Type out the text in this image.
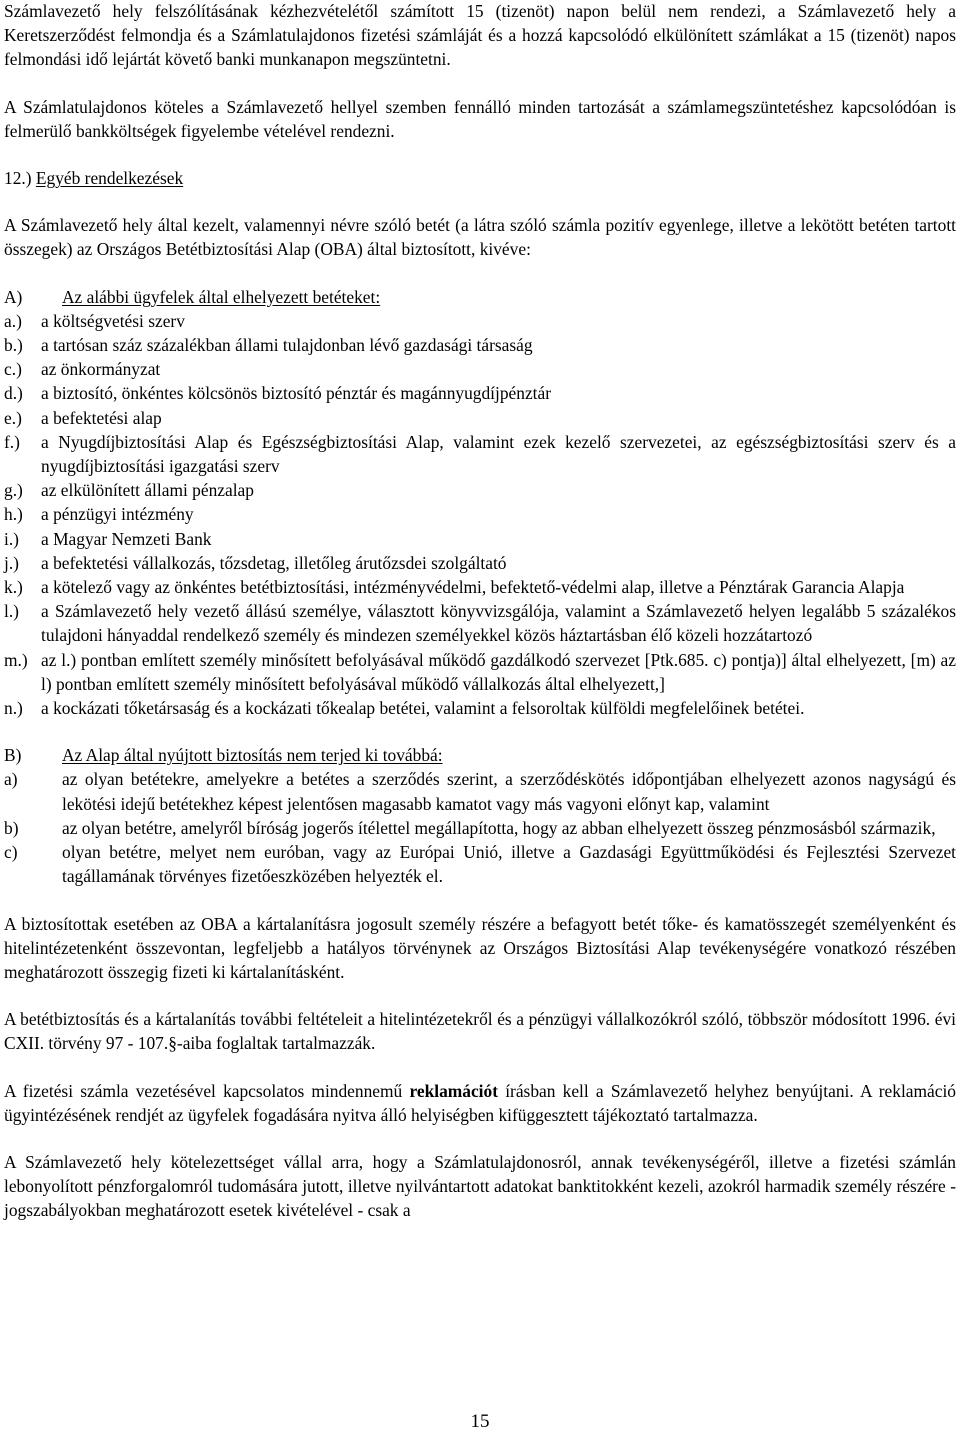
Számlavezető hely felszólításának kézhezvételétől számított 15 (tizenöt) napon belül nem rendezi, a Számlavezető hely a Keretszerződést felmondja és a Számlatulajdonos fizetési számláját és a hozzá kapcsolódó elkülönített számlákat a 15 (tizenöt) napos felmondási idő lejártát követő banki munkanapon megszüntetni.

A Számlatulajdonos köteles a Számlavezető hellyel szemben fennálló minden tartozását a számlamegszüntetéshez kapcsolódóan is felmerülő bankköltségek figyelembe vételével rendezni.

12.) Egyéb rendelkezések

A Számlavezető hely által kezelt, valamennyi névre szóló betét (a látra szóló számla pozitív egyenlege, illetve a lekötött betéten tartott összegek) az Országos Betétbiztosítási Alap (OBA) által biztosított, kivéve:

A)	Az alábbi ügyfelek által elhelyezett betéteket:
a.)	a költségvetési szerv
b.)	a tartósan száz százalékban állami tulajdonban lévő gazdasági társaság
c.)	az önkormányzat
d.)	a biztosító, önkéntes kölcsönös biztosító pénztár és magánnyugdíjpénztár
e.)	a befektetési alap
f.)	a Nyugdíjbiztosítási Alap és Egészségbiztosítási Alap, valamint ezek kezelő szervezetei, az egészségbiztosítási szerv és a nyugdíjbiztosítási igazgatási szerv
g.)	az elkülönített állami pénzalap
h.)	a pénzügyi intézmény
i.)	a Magyar Nemzeti Bank
j.)	a befektetési vállalkozás, tőzsdetag, illetőleg árutőzsdei szolgáltató
k.)	a kötelező vagy az önkéntes betétbiztosítási, intézményvédelmi, befektető-védelmi alap, illetve a Pénztárak Garancia Alapja
l.)	a Számlavezető hely vezető állású személye, választott könyvvizsgálója, valamint a Számlavezető helyen legalább 5 százalékos tulajdoni hányaddal rendelkező személy és mindezen személyekkel közös háztartásban élő közeli hozzátartozó
m.) az l.) pontban említett személy minősített befolyásával működő gazdálkodó szervezet [Ptk.685. c) pontja)] által elhelyezett, [m) az l) pontban említett személy minősített befolyásával működő vállalkozás által elhelyezett,]
n.)	a kockázati tőketársaság és a kockázati tőkealap betétei, valamint a felsoroltak külföldi megfelelőinek betétei.
B)	Az Alap által nyújtott biztosítás nem terjed ki továbbá:
a)	az olyan betétekre, amelyekre a betétes a szerződés szerint, a szerződéskötés időpontjában elhelyezett azonos nagyságú és lekötési idejű betétekhez képest jelentősen magasabb kamatot vagy más vagyoni előnyt kap, valamint
b)	az olyan betétre, amelyről bíróság jogerős ítélettel megállapította, hogy az abban elhelyezett összeg pénzmosásból származik,
c)	olyan betétre, melyet nem euróban, vagy az Európai Unió, illetve a Gazdasági Együttműködési és Fejlesztési Szervezet tagállamának törvényes fizetőeszközében helyezték el.

A biztosítottak esetében az OBA a kártalanításra jogosult személy részére a befagyott betét tőke- és kamatösszegét személyenként és hitelintézetenként összevontan, legfeljebb a hatályos törvénynek az Országos Biztosítási Alap tevékenységére vonatkozó részében meghatározott összegig fizeti ki kártalanításként.

A betétbiztosítás és a kártalanítás további feltételeit a hitelintézetekről és a pénzügyi vállalkozókról szóló, többször módosított 1996. évi CXII. törvény 97 - 107.§-aiba foglaltak tartalmazzák.

A fizetési számla vezetésével kapcsolatos mindennemű reklamációt írásban kell a Számlavezető helyhez benyújtani. A reklamáció ügyintézésének rendjét az ügyfelek fogadására nyitva álló helyiségben kifüggesztett tájékoztató tartalmazza.

A Számlavezető hely kötelezettséget vállal arra, hogy a Számlatulajdonosról, annak tevékenységéről, illetve a fizetési számlán lebonyolított pénzforgalomról tudomására jutott, illetve nyilvántartott adatokat banktitokként kezeli, azokról harmadik személy részére - jogszabályokban meghatározott esetek kivételével - csak a

15
